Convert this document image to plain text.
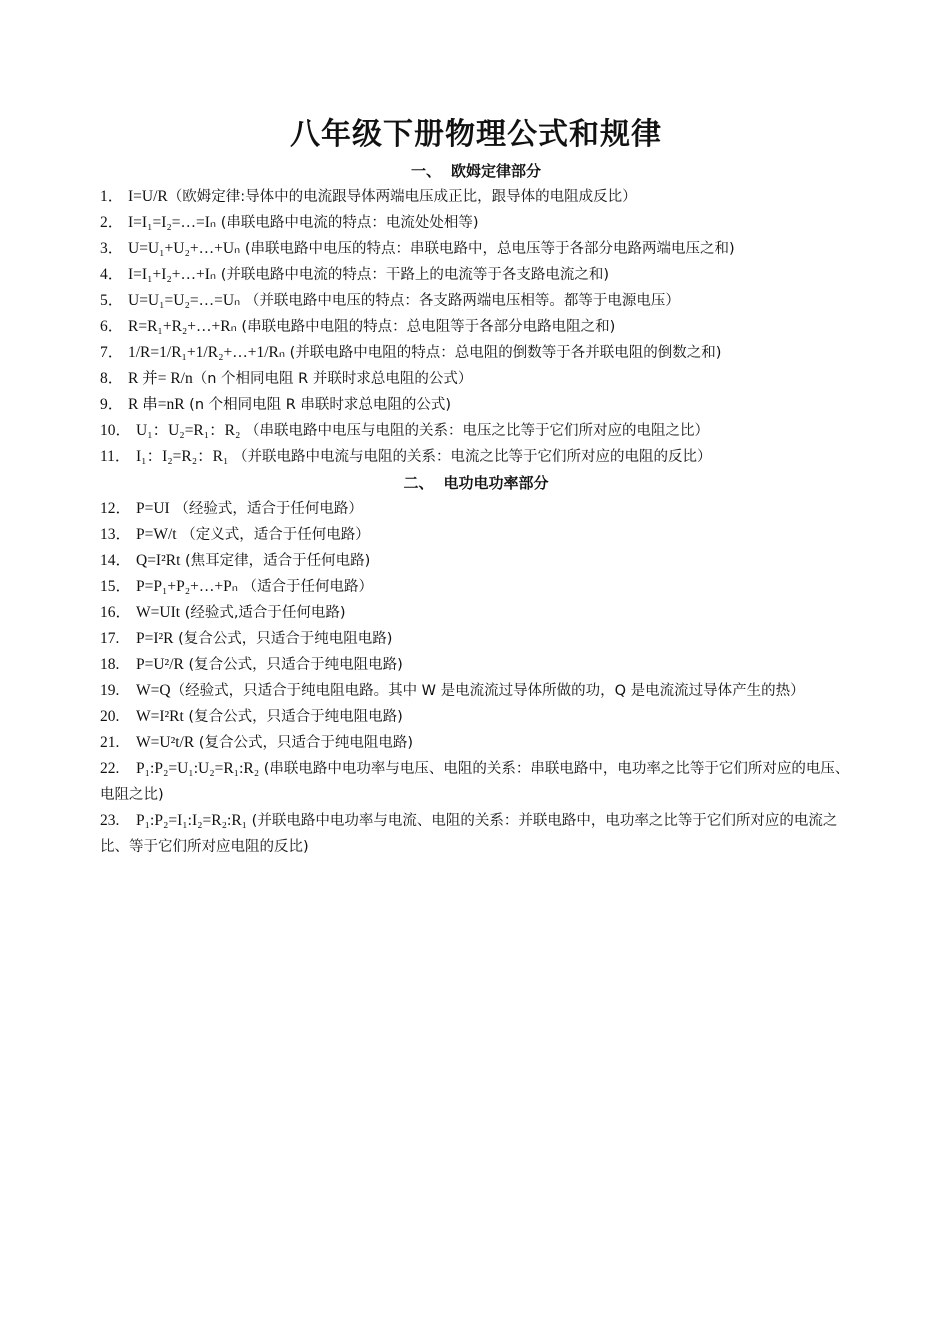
八年级下册物理公式和规律
一、 欧姆定律部分
1． I=U/R（欧姆定律:导体中的电流跟导体两端电压成正比，跟导体的电阻成反比）
2． I=I₁=I₂=…=Iₙ (串联电路中电流的特点：电流处处相等)
3． U=U₁+U₂+…+Uₙ (串联电路中电压的特点：串联电路中，总电压等于各部分电路两端电压之和)
4． I=I₁+I₂+…+Iₙ (并联电路中电流的特点：干路上的电流等于各支路电流之和)
5． U=U₁=U₂=…=Uₙ （并联电路中电压的特点：各支路两端电压相等。都等于电源电压）
6． R=R₁+R₂+…+Rₙ (串联电路中电阻的特点：总电阻等于各部分电路电阻之和)
7． 1/R=1/R₁+1/R₂+…+1/Rₙ (并联电路中电阻的特点：总电阻的倒数等于各并联电阻的倒数之和)
8． R 并= R/n（n 个相同电阻 R 并联时求总电阻的公式）
9． R 串=nR (n 个相同电阻 R 串联时求总电阻的公式)
10． U₁：U₂=R₁：R₂ （串联电路中电压与电阻的关系：电压之比等于它们所对应的电阻之比）
11． I₁：I₂=R₂：R₁ （并联电路中电流与电阻的关系：电流之比等于它们所对应的电阻的反比）
二、 电功电功率部分
12． P=UI （经验式，适合于任何电路）
13． P=W/t （定义式，适合于任何电路）
14． Q=I²Rt (焦耳定律，适合于任何电路)
15． P=P₁+P₂+…+Pₙ （适合于任何电路）
16． W=UIt (经验式,适合于任何电路)
17. P=I²R (复合公式，只适合于纯电阻电路)
18. P=U²/R (复合公式，只适合于纯电阻电路)
19. W=Q（经验式，只适合于纯电阻电路。其中 W 是电流流过导体所做的功，Q 是电流流过导体产生的热）
20. W=I²Rt (复合公式，只适合于纯电阻电路)
21. W=U²t/R (复合公式，只适合于纯电阻电路)
22. P₁:P₂=U₁:U₂=R₁:R₂ (串联电路中电功率与电压、电阻的关系：串联电路中，电功率之比等于它们所对应的电压、电阻之比)
23. P₁:P₂=I₁:I₂=R₂:R₁ (并联电路中电功率与电流、电阻的关系：并联电路中，电功率之比等于它们所对应的电流之比、等于它们所对应电阻的反比)
